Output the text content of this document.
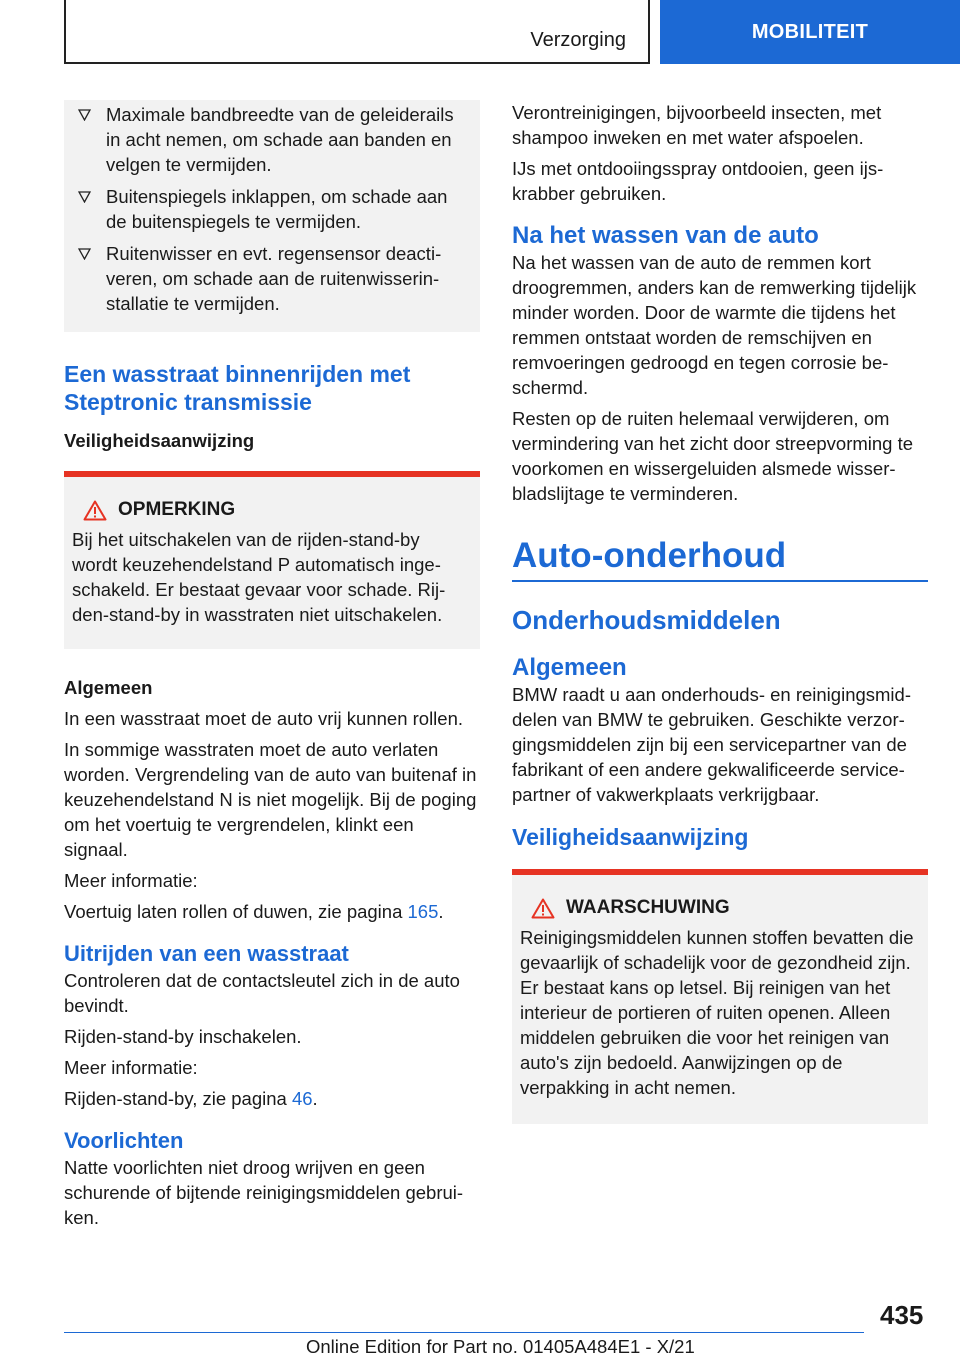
Verzorging	MOBILITEIT
Maximale bandbreedte van de geleiderails in acht nemen, om schade aan banden en velgen te vermijden.
Buitenspiegels inklappen, om schade aan de buitenspiegels te vermijden.
Ruitenwisser en evt. regensensor deactiveren, om schade aan de ruitenwisserinstallatie te vermijden.
Een wasstraat binnenrijden met Steptronic transmissie
Veiligheidsaanwijzing
OPMERKING

Bij het uitschakelen van de rijden-stand-by wordt keuzehendelstand P automatisch ingeschakeld. Er bestaat gevaar voor schade. Rijden-stand-by in wasstraten niet uitschakelen.

Algemeen

In een wasstraat moet de auto vrij kunnen rollen.

In sommige wasstraten moet de auto verlaten worden. Vergrendeling van de auto van buitenaf in keuzehendelstand N is niet mogelijk. Bij de poging om het voertuig te vergrendelen, klinkt een signaal.

Meer informatie:

Voertuig laten rollen of duwen, zie pagina 165.

Uitrijden van een wasstraat

Controleren dat de contactsleutel zich in de auto bevindt.

Rijden-stand-by inschakelen.

Meer informatie:

Rijden-stand-by, zie pagina 46.

Voorlichten

Natte voorlichten niet droog wrijven en geen schurende of bijtende reinigingsmiddelen gebruiken.

Verontreinigingen, bijvoorbeeld insecten, met shampoo inweken en met water afspoelen.

IJs met ontdooiingsspray ontdooien, geen ijskrabber gebruiken.

Na het wassen van de auto

Na het wassen van de auto de remmen kort droogremmen, anders kan de remwerking tijdelijk minder worden. Door de warmte die tijdens het remmen ontstaat worden de remschijven en remvoeringen gedroogd en tegen corrosie beschermd.

Resten op de ruiten helemaal verwijderen, om vermindering van het zicht door streepvorming te voorkomen en wissergeluiden alsmede wisserbladslijtage te verminderen.

Auto-onderhoud
Onderhoudsmiddelen
Algemeen

BMW raadt u aan onderhouds- en reinigingsmiddelen van BMW te gebruiken. Geschikte verzorgingsmiddelen zijn bij een servicepartner van de fabrikant of een andere gekwalificeerde servicepartner of vakwerkplaats verkrijgbaar.

Veiligheidsaanwijzing
WAARSCHUWING

Reinigingsmiddelen kunnen stoffen bevatten die gevaarlijk of schadelijk voor de gezondheid zijn. Er bestaat kans op letsel. Bij reinigen van het interieur de portieren of ruiten openen. Alleen middelen gebruiken die voor het reinigen van auto's zijn bedoeld. Aanwijzingen op de verpakking in acht nemen.

435
Online Edition for Part no. 01405A484E1 - X/21
